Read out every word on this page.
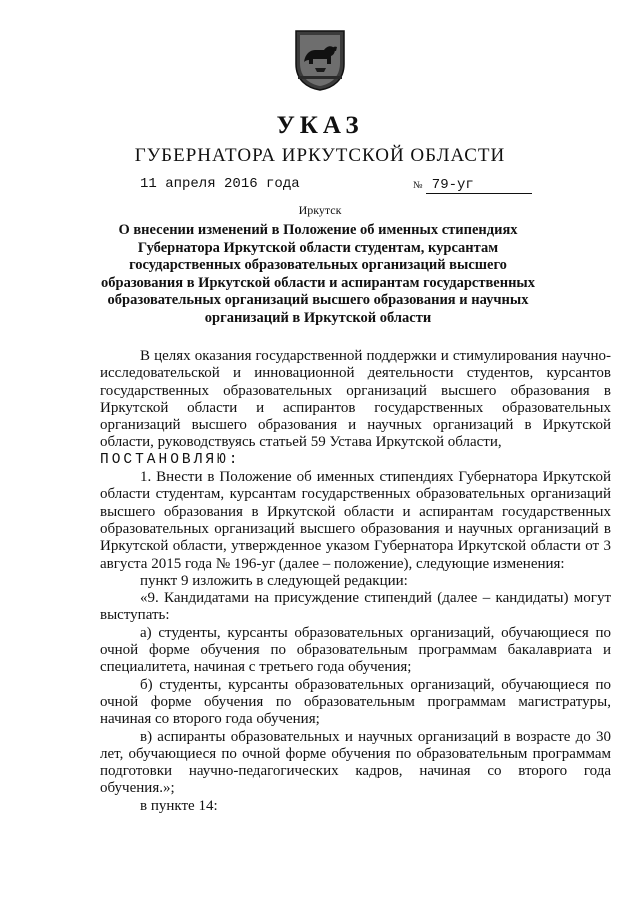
УКАЗ
ГУБЕРНАТОРА ИРКУТСКОЙ ОБЛАСТИ
11 апреля 2016 года	№ 79-уг
Иркутск
О внесении изменений в Положение об именных стипендиях Губернатора Иркутской области студентам, курсантам государственных образовательных организаций высшего образования в Иркутской области и аспирантам государственных образовательных организаций высшего образования и научных организаций в Иркутской области

В целях оказания государственной поддержки и стимулирования научно-исследовательской и инновационной деятельности студентов, курсантов государственных образовательных организаций высшего образования в Иркутской области и аспирантов государственных образовательных организаций высшего образования и научных организаций в Иркутской области, руководствуясь статьей 59 Устава Иркутской области,

ПОСТАНОВЛЯЮ:

1. Внести в Положение об именных стипендиях Губернатора Иркутской области студентам, курсантам государственных образовательных организаций высшего образования в Иркутской области и аспирантам государственных образовательных организаций высшего образования и научных организаций в Иркутской области, утвержденное указом Губернатора Иркутской области от 3 августа 2015 года № 196-уг (далее – положение), следующие изменения:

пункт 9 изложить в следующей редакции:

«9. Кандидатами на присуждение стипендий (далее – кандидаты) могут выступать:

а) студенты, курсанты образовательных организаций, обучающиеся по очной форме обучения по образовательным программам бакалавриата и специалитета, начиная с третьего года обучения;

б) студенты, курсанты образовательных организаций, обучающиеся по очной форме обучения по образовательным программам магистратуры, начиная со второго года обучения;

в) аспиранты образовательных и научных организаций в возрасте до 30 лет, обучающиеся по очной форме обучения по образовательным программам подготовки научно-педагогических кадров, начиная со второго года обучения.»;

в пункте 14:
